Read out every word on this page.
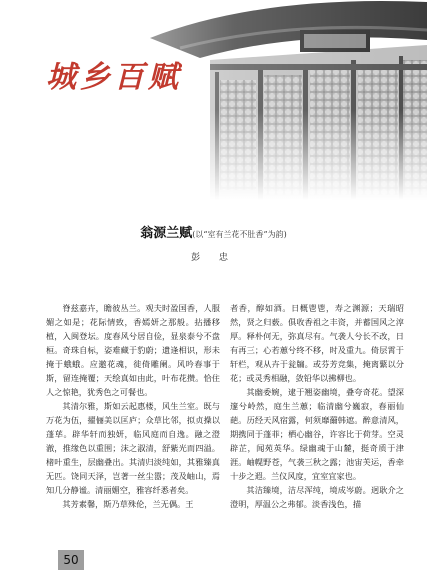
城乡百赋
翁源兰赋(以“室有兰花不肚香”为韵)
彭 忠

脊兹嘉卉，瞻彼丛兰。观夫时盈国香，人服媚之如是；花际情致，香嫣妍之那般。拈播移植，入闽登坛。度春风兮居自俭，显泉泰兮不盘桓。奇珠自标，姿难藏于豹蔚；遗逢相识，形未掩于蛾蛾。应邀花魂，徙倚雕阑。风吟春事于斯，留连掩覆；天绘真如由此，叶布花攒。恰住人之惊艳，犹秀色之可餐也。

其清尔雅，斯如云起惠楼，风生兰室。既与万花为伍，擢俪美以匡庐；众草比邻，拟贞操以蓬荜。辟华轩而独妍，临风庭而自逸。融之澄澈，推缘色以重围；沫之淑清，舒紫光而四溢。楮叶重生，层幽叠出。其清归淡纯如，其雅臻真无匹。饶同天泽，岂著一丝尘嚣；茂及岫山，焉知几分静谧。清丽媚空，雅容纤悉者矣。

其芳素馨，斯乃草殊伦，兰无偶。王

者香，醇如酒。日概鬯鬯，寿之渊源；天瑞昭然，贤之归薮。俱收香祖之丰资，并蓄国风之淳厚。释朴何无，弥真尽有。气袭人兮长不改，日有再三；心若蕙兮终不移，时及重九。倚层霄于轩栏，观从卉于瓮牖。或芬芳竞集，掩离蘩以分花；或灵秀相融，敛铅华以拂柳也。

其幽委婉，逮于翘姿幽境，叠夸奇花。望深邃兮岭然，庭生兰蕙；临清幽兮巍寂，春丽仙葩。历经天风宿露，何须靡薾韩遮。醉意清风，期携同于蓬菲；栖心幽谷，许容比于荷芽。空灵辟芷，闻苑英华。绿幽魂于山麓，挺奇质于津涯。岫幌野苍，气袭三秋之露；池宙芙运，香牵十步之遐。兰仪风度，宜室宜家也。

其洁臻境，洁尽浑纯，境成岑蔚。迥耿介之澄明，厚温公之弗郁。淡香浅色，描

50
